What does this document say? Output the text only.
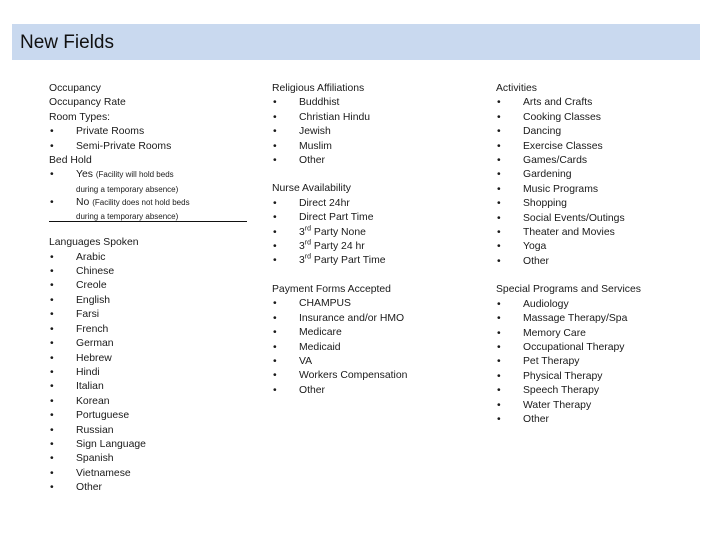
New Fields
Occupancy
Occupancy Rate
Room Types:
• Private Rooms
• Semi-Private Rooms
Bed Hold
• Yes (Facility will hold beds
during a temporary absence)
• No (Facility does not hold beds
during a temporary absence)
Languages Spoken
• Arabic
• Chinese
• Creole
• English
• Farsi
• French
• German
• Hebrew
• Hindi
• Italian
• Korean
• Portuguese
• Russian
• Sign Language
• Spanish
• Vietnamese
• Other
Religious Affiliations
• Buddhist
• Christian Hindu
• Jewish
• Muslim
• Other
Nurse Availability
• Direct 24hr
• Direct Part Time
• 3rd Party None
• 3rd Party 24 hr
• 3rd Party Part Time
Payment Forms Accepted
• CHAMPUS
• Insurance and/or HMO
• Medicare
• Medicaid
• VA
• Workers Compensation
• Other
Activities
• Arts and Crafts
• Cooking Classes
• Dancing
• Exercise Classes
• Games/Cards
• Gardening
• Music Programs
• Shopping
• Social Events/Outings
• Theater and Movies
• Yoga
• Other
Special Programs and Services
• Audiology
• Massage Therapy/Spa
• Memory Care
• Occupational Therapy
• Pet Therapy
• Physical Therapy
• Speech Therapy
• Water Therapy
• Other
